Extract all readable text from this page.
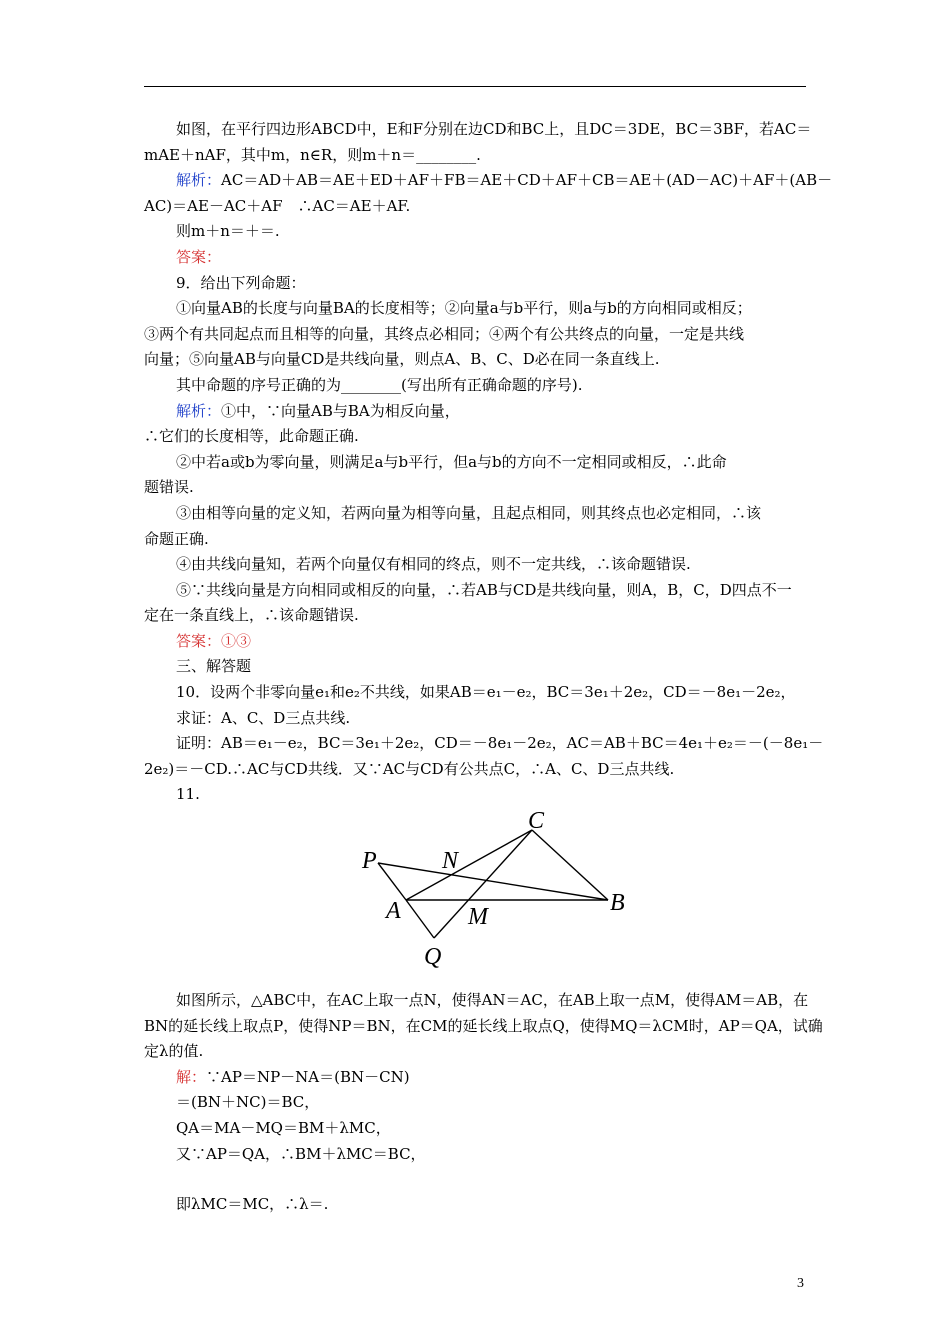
如图，在平行四边形ABCD中，E和F分别在边CD和BC上，且DC＝3DE，BC＝3BF，若AC＝

mAE＋nAF，其中m，n∈R，则m＋n＝________.

解析：AC＝AD＋AB＝AE＋ED＋AF＋FB＝AE＋CD＋AF＋CB＝AE＋(AD－AC)＋AF＋(AB－

AC)＝AE－AC＋AF　∴AC＝AE＋AF.

则m＋n＝＋＝.

答案：

9．给出下列命题：

①向量AB的长度与向量BA的长度相等；②向量a与b平行，则a与b的方向相同或相反；

③两个有共同起点而且相等的向量，其终点必相同；④两个有公共终点的向量，一定是共线

向量；⑤向量AB与向量CD是共线向量，则点A、B、C、D必在同一条直线上.

其中命题的序号正确的为________(写出所有正确命题的序号).

解析：①中，∵向量AB与BA为相反向量，

∴它们的长度相等，此命题正确.

②中若a或b为零向量，则满足a与b平行，但a与b的方向不一定相同或相反，∴此命

题错误.

③由相等向量的定义知，若两向量为相等向量，且起点相同，则其终点也必定相同，∴该

命题正确.

④由共线向量知，若两个向量仅有相同的终点，则不一定共线，∴该命题错误.

⑤∵共线向量是方向相同或相反的向量，∴若AB与CD是共线向量，则A，B，C，D四点不一

定在一条直线上，∴该命题错误.

答案：①③

三、解答题

10．设两个非零向量e₁和e₂不共线，如果AB＝e₁－e₂，BC＝3e₁＋2e₂，CD＝－8e₁－2e₂，

求证：A、C、D三点共线.

证明：AB＝e₁－e₂，BC＝3e₁＋2e₂，CD＝－8e₁－2e₂，AC＝AB＋BC＝4e₁＋e₂＝－(－8e₁－

2e₂)＝－CD.∴AC与CD共线．又∵AC与CD有公共点C，∴A、C、D三点共线.

11.

如图所示，△ABC中，在AC上取一点N，使得AN＝AC，在AB上取一点M，使得AM＝AB，在

BN的延长线上取点P，使得NP＝BN，在CM的延长线上取点Q，使得MQ＝λCM时，AP＝QA，试确

定λ的值.

解：∵AP＝NP－NA＝(BN－CN)

＝(BN＋NC)＝BC，

QA＝MA－MQ＝BM＋λMC，

又∵AP＝QA，∴BM＋λMC＝BC，

即λMC＝MC，∴λ＝.

P	N
C
A	M
B
Q
3
